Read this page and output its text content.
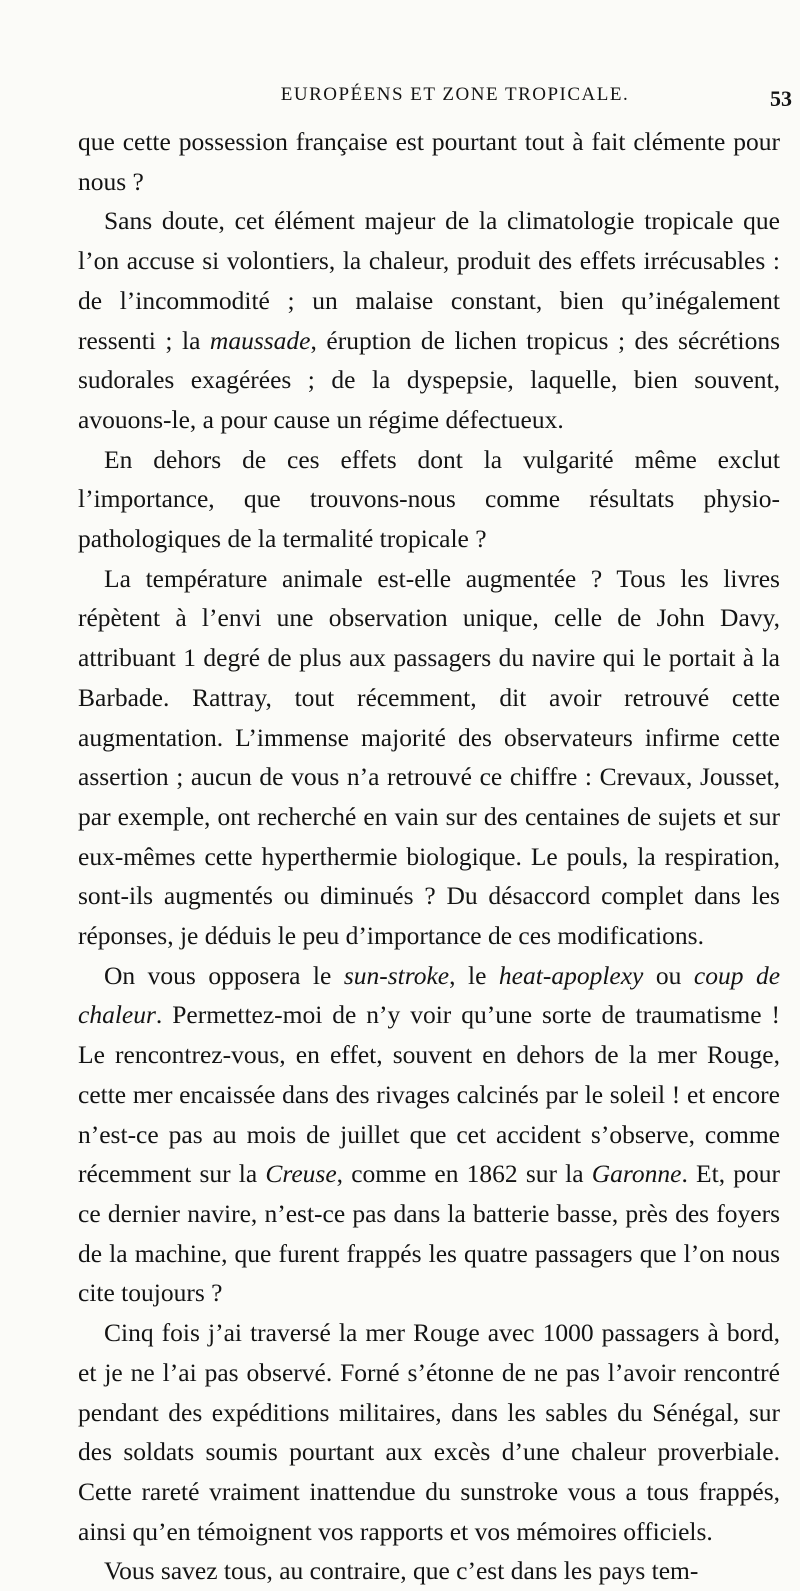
EUROPÉENS ET ZONE TROPICALE.	53

que cette possession française est pourtant tout à fait clémente pour nous ?

Sans doute, cet élément majeur de la climatologie tropicale que l’on accuse si volontiers, la chaleur, produit des effets irrécusables : de l’incommodité ; un malaise constant, bien qu’inégalement ressenti ; la maussade, éruption de lichen tropicus ; des sécrétions sudorales exagérées ; de la dyspepsie, laquelle, bien souvent, avouons-le, a pour cause un régime défectueux.

En dehors de ces effets dont la vulgarité même exclut l’importance, que trouvons-nous comme résultats physio-pathologiques de la termalité tropicale ?

La température animale est-elle augmentée ? Tous les livres répètent à l’envi une observation unique, celle de John Davy, attribuant 1 degré de plus aux passagers du navire qui le portait à la Barbade. Rattray, tout récemment, dit avoir retrouvé cette augmentation. L’immense majorité des observateurs infirme cette assertion ; aucun de vous n’a retrouvé ce chiffre : Crevaux, Jousset, par exemple, ont recherché en vain sur des centaines de sujets et sur eux-mêmes cette hyperthermie biologique. Le pouls, la respiration, sont-ils augmentés ou diminués ? Du désaccord complet dans les réponses, je déduis le peu d’importance de ces modifications.

On vous opposera le sun-stroke, le heat-apoplexy ou coup de chaleur. Permettez-moi de n’y voir qu’une sorte de traumatisme ! Le rencontrez-vous, en effet, souvent en dehors de la mer Rouge, cette mer encaissée dans des rivages calcinés par le soleil ! et encore n’est-ce pas au mois de juillet que cet accident s’observe, comme récemment sur la Creuse, comme en 1862 sur la Garonne. Et, pour ce dernier navire, n’est-ce pas dans la batterie basse, près des foyers de la machine, que furent frappés les quatre passagers que l’on nous cite toujours ?

Cinq fois j’ai traversé la mer Rouge avec 1000 passagers à bord, et je ne l’ai pas observé. Forné s’étonne de ne pas l’avoir rencontré pendant des expéditions militaires, dans les sables du Sénégal, sur des soldats soumis pourtant aux excès d’une chaleur proverbiale. Cette rareté vraiment inattendue du sunstroke vous a tous frappés, ainsi qu’en témoignent vos rapports et vos mémoires officiels.

Vous savez tous, au contraire, que c’est dans les pays tem-
